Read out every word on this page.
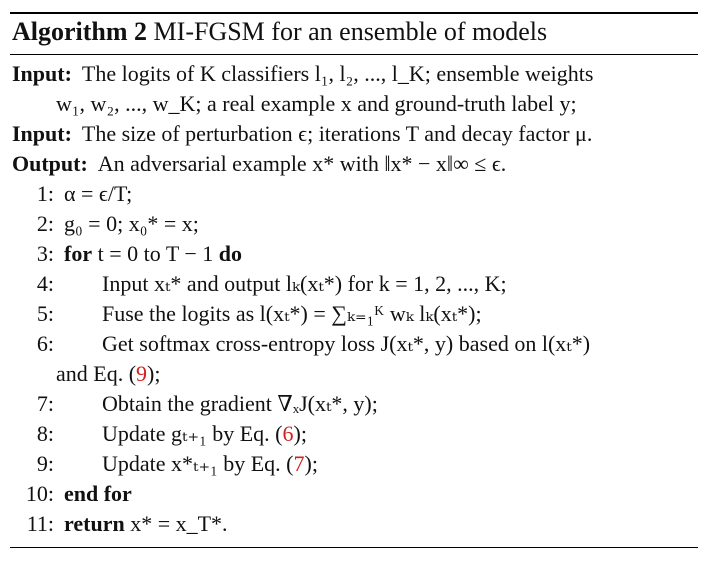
Algorithm 2 MI-FGSM for an ensemble of models
Input: The logits of K classifiers l₁, l₂, ..., l_K; ensemble weights
w₁, w₂, ..., w_K; a real example x and ground-truth label y;
Input: The size of perturbation ϵ; iterations T and decay factor μ.
Output: An adversarial example x* with ‖x* − x‖∞ ≤ ϵ.
1: α = ϵ/T;
2: g₀ = 0; x₀* = x;
3: for t = 0 to T − 1 do
4:	Input xₜ* and output lₖ(xₜ*) for k = 1, 2, ..., K;
5:	Fuse the logits as l(xₜ*) = ∑ₖ₌₁ᴷ wₖ lₖ(xₜ*);
6:	Get softmax cross-entropy loss J(xₜ*, y) based on l(xₜ*)
and Eq. (9);
7:	Obtain the gradient ∇ₓJ(xₜ*, y);
8:	Update gₜ₊₁ by Eq. (6);
9:	Update x*ₜ₊₁ by Eq. (7);
10: end for
11: return x* = x_T*.
